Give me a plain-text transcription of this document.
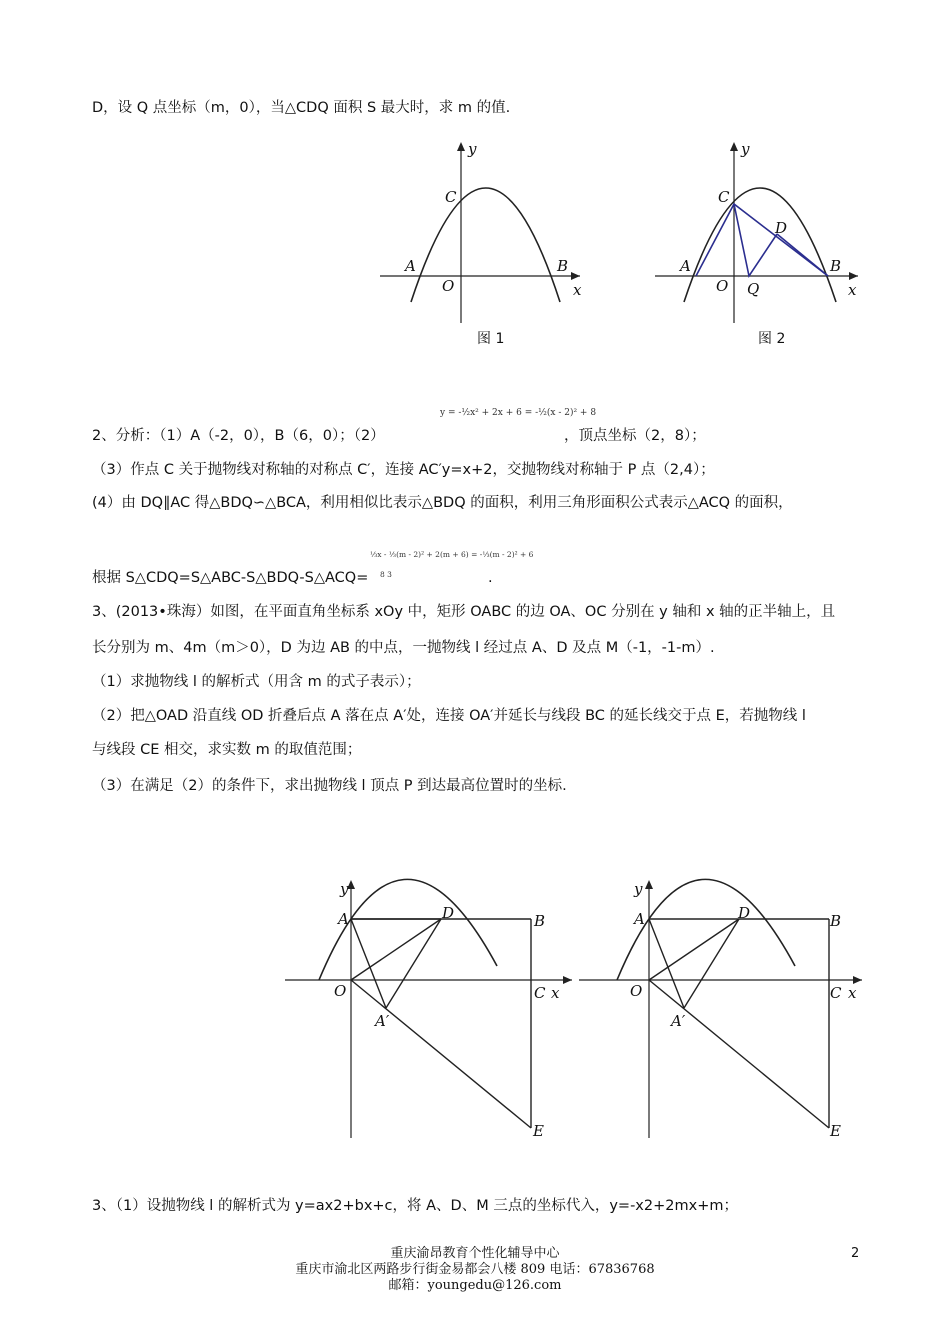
D，设 Q 点坐标（m，0），当△CDQ 面积 S 最大时，求 m 的值.
y
C
A	B
O	x
图 1
y
C
D
A	B
O Q	x
图 2
2、分析：（1）A（-2，0），B（6，0）；（2）
y = -½x² + 2x + 6 = -½(x - 2)² + 8
，顶点坐标（2，8）；
（3）作点 C 关于抛物线对称轴的对称点 C′，连接 AC′y=x+2，交抛物线对称轴于 P 点（2,4）；
(4）由 DQ∥AC 得△BDQ∽△BCA，利用相似比表示△BDQ 的面积，利用三角形面积公式表示△ACQ 的面积，
根据 S△CDQ=S△ABC-S△BDQ-S△ACQ=
⅓x - ⅓(m - 2)² + 2(m + 6) = -⅓(m - 2)² + 6
8 3	.
3、(2013•珠海）如图，在平面直角坐标系 xOy 中，矩形 OABC 的边 OA、OC 分别在 y 轴和 x 轴的正半轴上，且
长分别为 m、4m（m＞0），D 为边 AB 的中点，一抛物线 l 经过点 A、D 及点 M（-1，-1-m）.
（1）求抛物线 l 的解析式（用含 m 的式子表示）；
（2）把△OAD 沿直线 OD 折叠后点 A 落在点 A′处，连接 OA′并延长与线段 BC 的延长线交于点 E，若抛物线 l
与线段 CE 相交，求实数 m 的取值范围；
（3）在满足（2）的条件下，求出抛物线 l 顶点 P 到达最高位置时的坐标.
y
A	D	B
O
A′
C x
E
y
A	D	B
O
A′
C x
E
3、（1）设抛物线 l 的解析式为 y=ax2+bx+c，将 A、D、M 三点的坐标代入，y=-x2+2mx+m；
重庆渝昂教育个性化辅导中心
重庆市渝北区两路步行街金易都会八楼 809 电话：67836768
邮箱：youngedu@126.com
2
